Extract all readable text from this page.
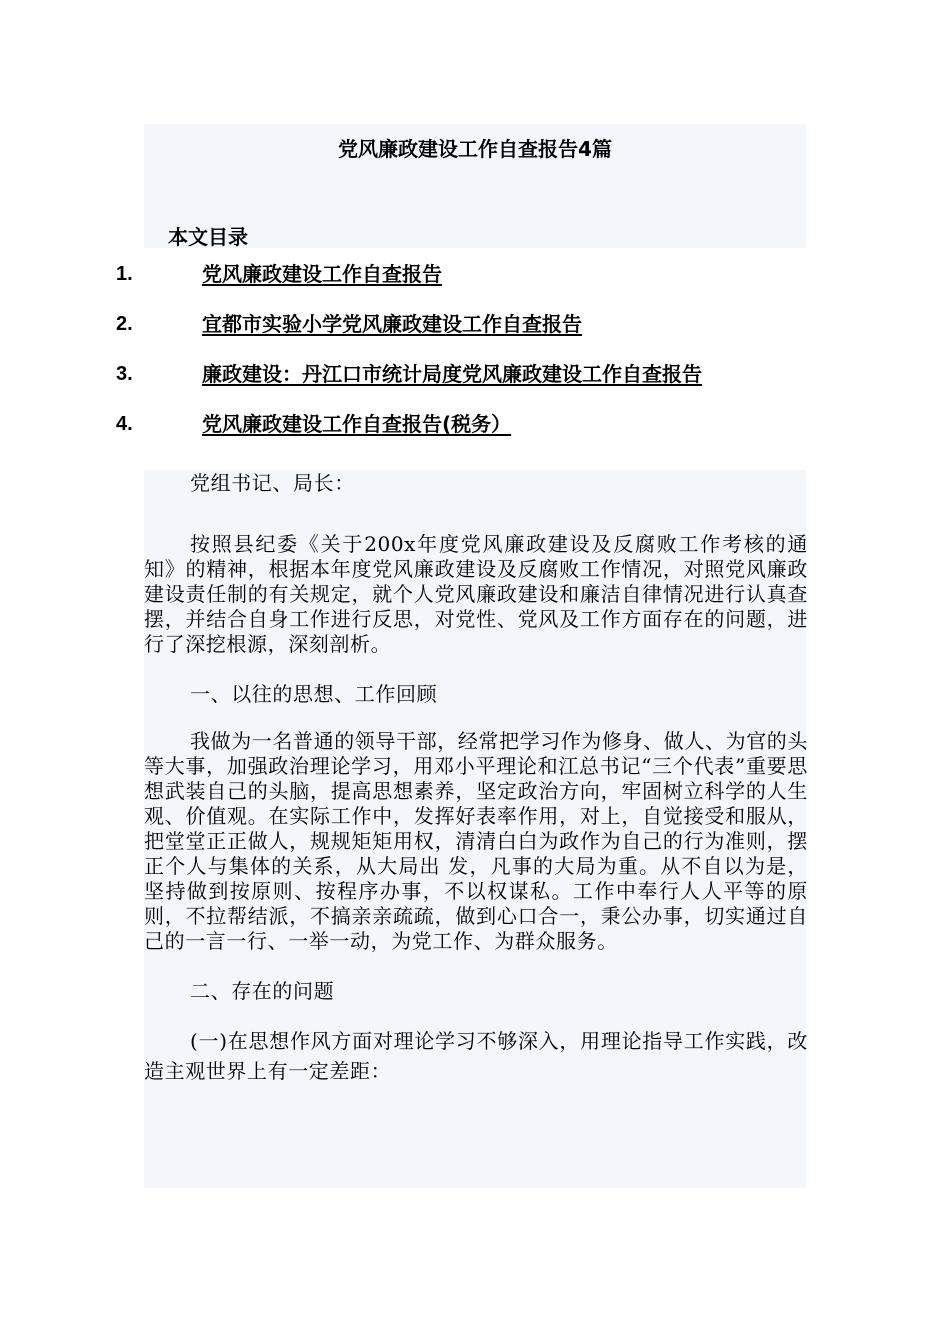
党风廉政建设工作自查报告4篇
本文目录
1.	党风廉政建设工作自查报告
2.	宜都市实验小学党风廉政建设工作自查报告
3.	廉政建设：丹江口市统计局度党风廉政建设工作自查报告
4.	党风廉政建设工作自查报告(税务）

党组书记、局长：

按照县纪委《关于200x年度党风廉政建设及反腐败工作考核的通知》的精神，根据本年度党风廉政建设及反腐败工作情况，对照党风廉政建设责任制的有关规定，就个人党风廉政建设和廉洁自律情况进行认真查摆，并结合自身工作进行反思，对党性、党风及工作方面存在的问题，进行了深挖根源，深刻剖析。

一、以往的思想、工作回顾

我做为一名普通的领导干部，经常把学习作为修身、做人、为官的头等大事，加强政治理论学习，用邓小平理论和江总书记“三个代表”重要思想武装自己的头脑，提高思想素养，坚定政治方向，牢固树立科学的人生观、价值观。在实际工作中，发挥好表率作用，对上，自觉接受和服从，把堂堂正正做人，规规矩矩用权，清清白白为政作为自己的行为准则，摆正个人与集体的关系，从大局出 发，凡事的大局为重。从不自以为是，坚持做到按原则、按程序办事，不以权谋私。工作中奉行人人平等的原则，不拉帮结派，不搞亲亲疏疏，做到心口合一，秉公办事，切实通过自己的一言一行、一举一动，为党工作、为群众服务。

二、存在的问题

(一)在思想作风方面对理论学习不够深入，用理论指导工作实践，改造主观世界上有一定差距：
